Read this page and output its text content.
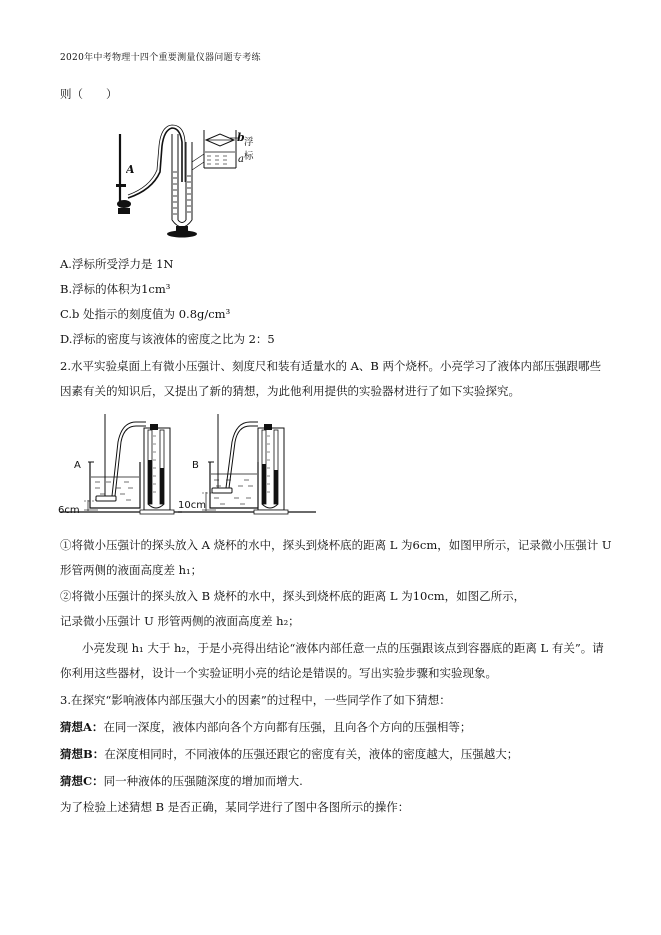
2020年中考物理十四个重要测量仪器问题专考练
则（　　）
b
a
浮标
A
A.浮标所受浮力是 1N
B.浮标的体积为1cm³
C.b 处指示的刻度值为 0.8g/cm³
D.浮标的密度与该液体的密度之比为 2：5
2.水平实验桌面上有微小压强计、刻度尺和装有适量水的 A、B 两个烧杯。小亮学习了液体内部压强跟哪些
因素有关的知识后，又提出了新的猜想，为此他利用提供的实验器材进行了如下实验探究。
A	B
6cm	10cm
①将微小压强计的探头放入 A 烧杯的水中，探头到烧杯底的距离 L 为6cm，如图甲所示，记录微小压强计 U
形管两侧的液面高度差 h₁；
②将微小压强计的探头放入 B 烧杯的水中，探头到烧杯底的距离 L 为10cm，如图乙所示，
记录微小压强计 U 形管两侧的液面高度差 h₂；
小亮发现 h₁ 大于 h₂，于是小亮得出结论“液体内部任意一点的压强跟该点到容器底的距离 L 有关”。请
你利用这些器材，设计一个实验证明小亮的结论是错误的。写出实验步骤和实验现象。
3.在探究“影响液体内部压强大小的因素”的过程中，一些同学作了如下猜想：
猜想A：在同一深度，液体内部向各个方向都有压强，且向各个方向的压强相等；
猜想B：在深度相同时，不同液体的压强还跟它的密度有关，液体的密度越大，压强越大；
猜想C：同一种液体的压强随深度的增加而增大.
为了检验上述猜想 B 是否正确，某同学进行了图中各图所示的操作：
